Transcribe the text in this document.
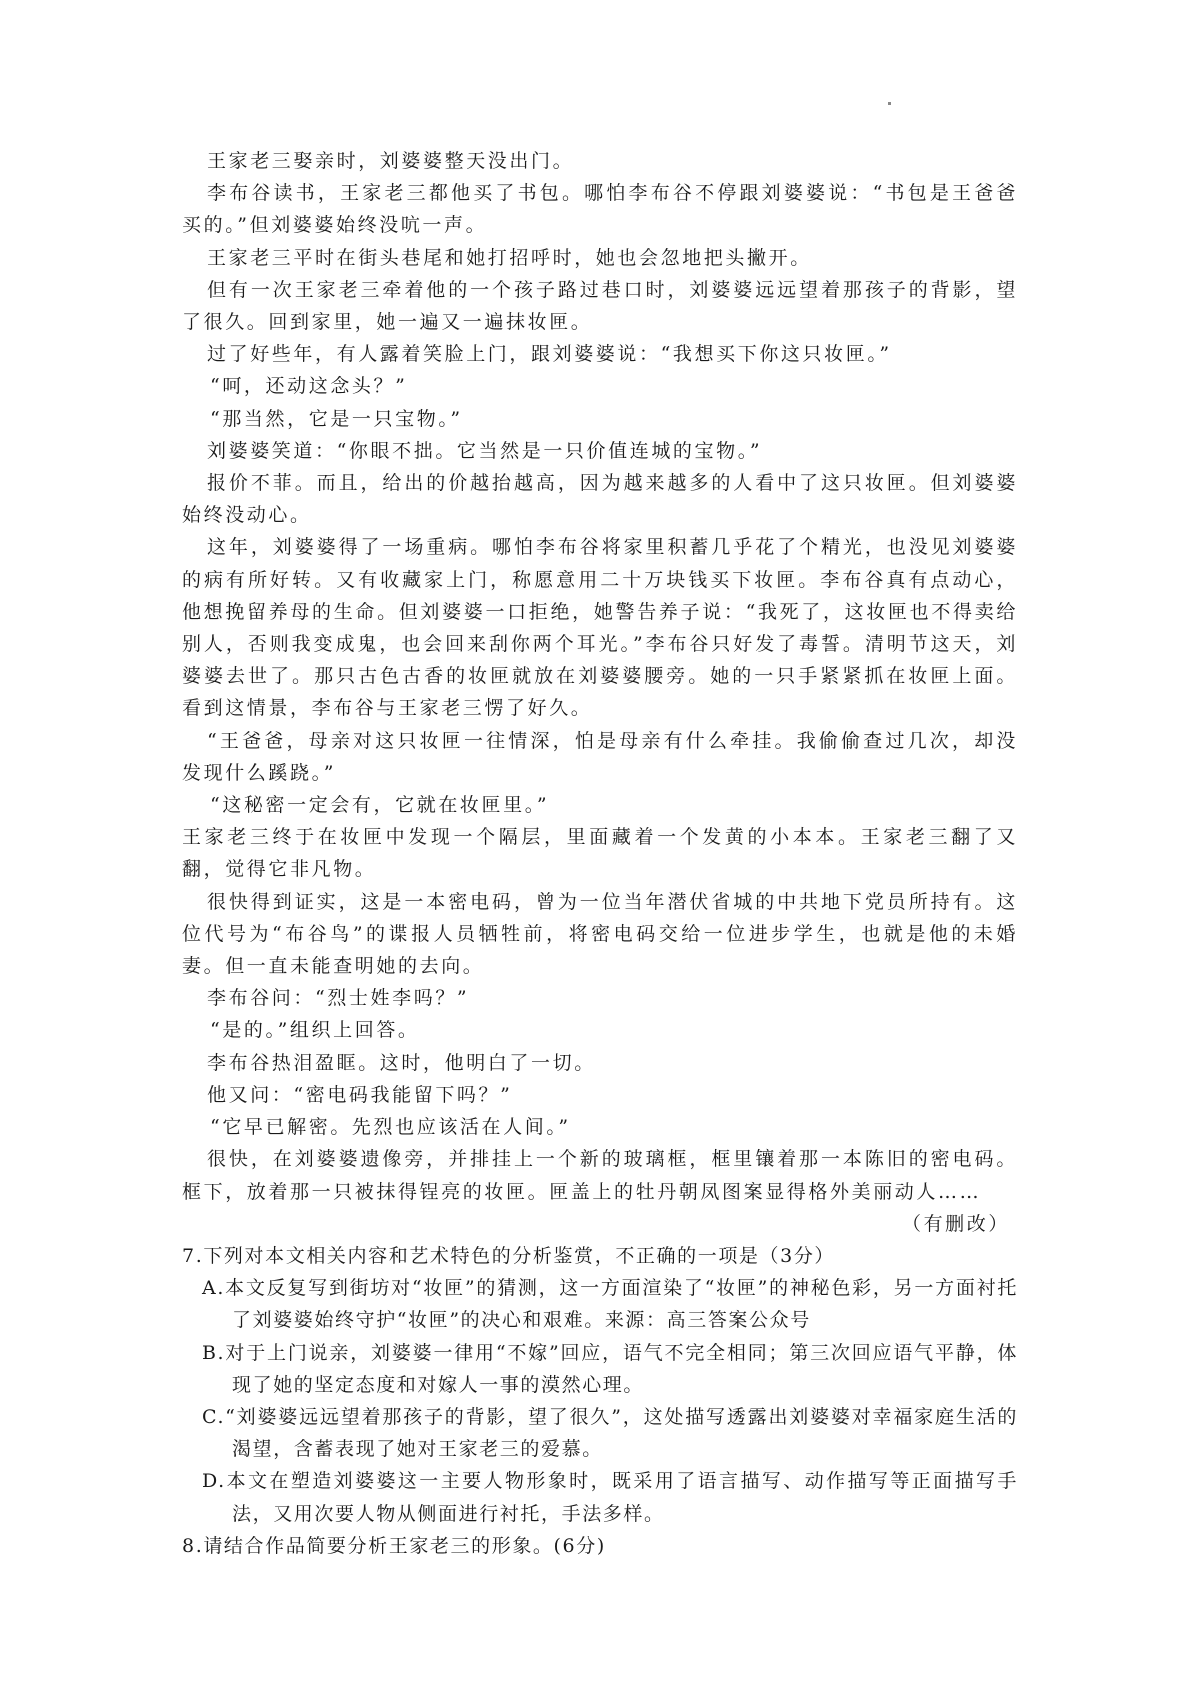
王家老三娶亲时，刘婆婆整天没出门。

李布谷读书，王家老三都他买了书包。哪怕李布谷不停跟刘婆婆说：“书包是王爸爸买的。”但刘婆婆始终没吭一声。

王家老三平时在街头巷尾和她打招呼时，她也会忽地把头撇开。

但有一次王家老三牵着他的一个孩子路过巷口时，刘婆婆远远望着那孩子的背影，望了很久。回到家里，她一遍又一遍抹妆匣。

过了好些年，有人露着笑脸上门，跟刘婆婆说：“我想买下你这只妆匣。”

“呵，还动这念头？”

“那当然，它是一只宝物。”

刘婆婆笑道：“你眼不拙。它当然是一只价值连城的宝物。”

报价不菲。而且，给出的价越抬越高，因为越来越多的人看中了这只妆匣。但刘婆婆始终没动心。

这年，刘婆婆得了一场重病。哪怕李布谷将家里积蓄几乎花了个精光，也没见刘婆婆的病有所好转。又有收藏家上门，称愿意用二十万块钱买下妆匣。李布谷真有点动心，他想挽留养母的生命。但刘婆婆一口拒绝，她警告养子说：“我死了，这妆匣也不得卖给别人，否则我变成鬼，也会回来刮你两个耳光。”李布谷只好发了毒誓。清明节这天，刘婆婆去世了。那只古色古香的妆匣就放在刘婆婆腰旁。她的一只手紧紧抓在妆匣上面。看到这情景，李布谷与王家老三愣了好久。

“王爸爸，母亲对这只妆匣一往情深，怕是母亲有什么牵挂。我偷偷查过几次，却没发现什么蹊跷。”

“这秘密一定会有，它就在妆匣里。”

王家老三终于在妆匣中发现一个隔层，里面藏着一个发黄的小本本。王家老三翻了又翻，觉得它非凡物。

很快得到证实，这是一本密电码，曾为一位当年潜伏省城的中共地下党员所持有。这位代号为“布谷鸟”的谍报人员牺牲前，将密电码交给一位进步学生，也就是他的未婚妻。但一直未能查明她的去向。

李布谷问：“烈士姓李吗？”

“是的。”组织上回答。

李布谷热泪盈眶。这时，他明白了一切。

他又问：“密电码我能留下吗？”

“它早已解密。先烈也应该活在人间。”

很快，在刘婆婆遗像旁，并排挂上一个新的玻璃框，框里镶着那一本陈旧的密电码。框下，放着那一只被抹得锃亮的妆匣。匣盖上的牡丹朝凤图案显得格外美丽动人……

（有删改）

7.下列对本文相关内容和艺术特色的分析鉴赏，不正确的一项是（3分）

A.本文反复写到街坊对“妆匣”的猜测，这一方面渲染了“妆匣”的神秘色彩，另一方面衬托了刘婆婆始终守护“妆匣”的决心和艰难。来源：高三答案公众号

B.对于上门说亲，刘婆婆一律用“不嫁”回应，语气不完全相同；第三次回应语气平静，体现了她的坚定态度和对嫁人一事的漠然心理。

C.“刘婆婆远远望着那孩子的背影，望了很久”，这处描写透露出刘婆婆对幸福家庭生活的渴望，含蓄表现了她对王家老三的爱慕。

D.本文在塑造刘婆婆这一主要人物形象时，既采用了语言描写、动作描写等正面描写手法，又用次要人物从侧面进行衬托，手法多样。

8.请结合作品简要分析王家老三的形象。(6分)
